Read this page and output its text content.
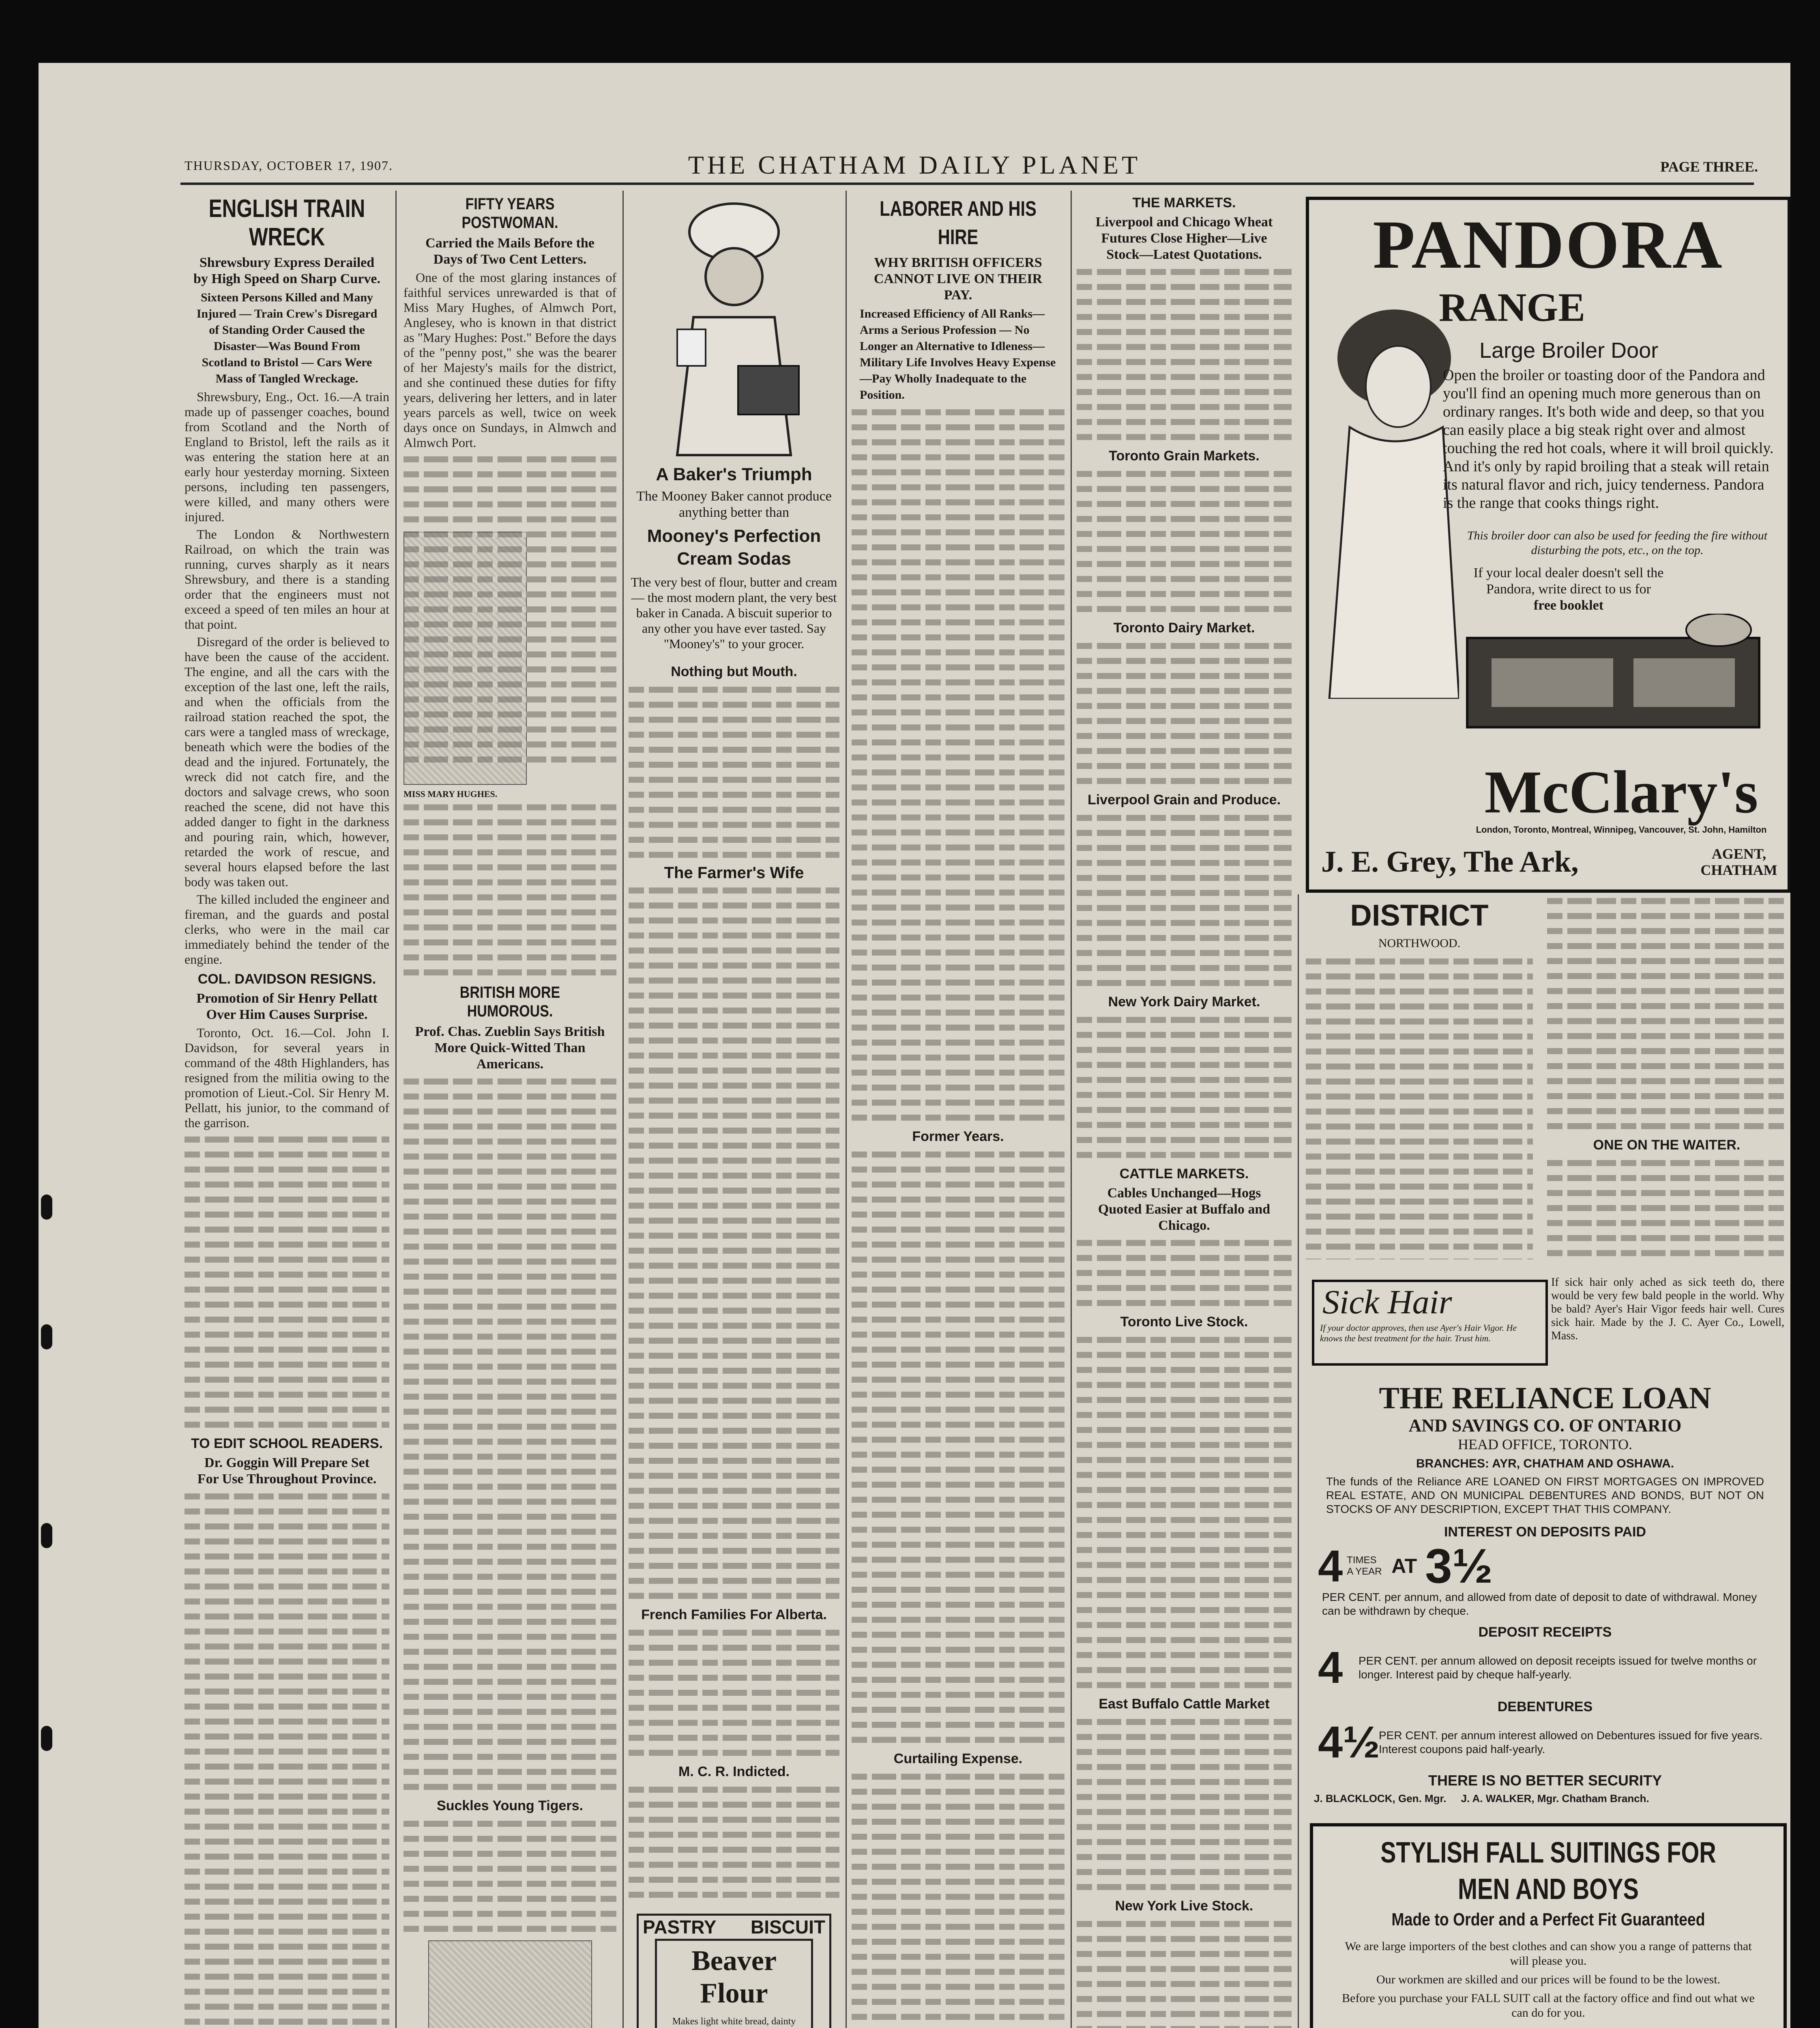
THURSDAY, OCTOBER 17, 1907.	THE CHATHAM DAILY PLANET	PAGE THREE.
ENGLISH TRAIN WRECK
Shrewsbury Express Derailed by High Speed on Sharp Curve.
Sixteen Persons Killed and Many Injured — Train Crew's Disregard of Standing Order Caused the Disaster—Was Bound From Scotland to Bristol — Cars Were Mass of Tangled Wreckage.

Shrewsbury, Eng., Oct. 16.—A train made up of passenger coaches, bound from Scotland and the North of England to Bristol, left the rails as it was entering the station here at an early hour yesterday morning. Sixteen persons, including ten passengers, were killed, and many others were injured.

The London & Northwestern Railroad, on which the train was running, curves sharply as it nears Shrewsbury, and there is a standing order that the engineers must not exceed a speed of ten miles an hour at that point.

Disregard of the order is believed to have been the cause of the accident. The engine, and all the cars with the exception of the last one, left the rails, and when the officials from the railroad station reached the spot, the cars were a tangled mass of wreckage, beneath which were the bodies of the dead and the injured. Fortunately, the wreck did not catch fire, and the doctors and salvage crews, who soon reached the scene, did not have this added danger to fight in the darkness and pouring rain, which, however, retarded the work of rescue, and several hours elapsed before the last body was taken out.

The killed included the engineer and fireman, and the guards and postal clerks, who were in the mail car immediately behind the tender of the engine.

COL. DAVIDSON RESIGNS.
Promotion of Sir Henry Pellatt Over Him Causes Surprise.

Toronto, Oct. 16.—Col. John I. Davidson, for several years in command of the 48th Highlanders, has resigned from the militia owing to the promotion of Lieut.-Col. Sir Henry M. Pellatt, his junior, to the command of the garrison.

TO EDIT SCHOOL READERS.
Dr. Goggin Will Prepare Set For Use Throughout Province.
FIFTY YEARS POSTWOMAN.
Carried the Mails Before the Days of Two Cent Letters.

One of the most glaring instances of faithful services unrewarded is that of Miss Mary Hughes, of Almwch Port, Anglesey, who is known in that district as "Mary Hughes: Post." Before the days of the "penny post," she was the bearer of her Majesty's mails for the district, and she continued these duties for fifty years, delivering her letters, and in later years parcels as well, twice on week days once on Sundays, in Almwch and Almwch Port.

MISS MARY HUGHES.
BRITISH MORE HUMOROUS.
Prof. Chas. Zueblin Says British More Quick-Witted Than Americans.
Suckles Young Tigers.
A Baker's Triumph
The Mooney Baker cannot produce anything better than
Mooney's Perfection Cream Sodas
The very best of flour, butter and cream — the most modern plant, the very best baker in Canada. A biscuit superior to any other you have ever tasted. Say "Mooney's" to your grocer.
Nothing but Mouth.
The Farmer's Wife
French Families For Alberta.
M. C. R. Indicted.
PASTRY BISCUIT
Beaver Flour
Makes light white bread, dainty
LABORER AND HIS HIRE
WHY BRITISH OFFICERS CANNOT LIVE ON THEIR PAY.
Increased Efficiency of All Ranks—Arms a Serious Profession — No Longer an Alternative to Idleness—Military Life Involves Heavy Expense—Pay Wholly Inadequate to the Position.
Former Years.
Curtailing Expense.
THE MARKETS.
Liverpool and Chicago Wheat Futures Close Higher—Live Stock—Latest Quotations.
Toronto Grain Markets.
Toronto Dairy Market.
Liverpool Grain and Produce.
New York Dairy Market.
CATTLE MARKETS.
Cables Unchanged—Hogs Quoted Easier at Buffalo and Chicago.
Toronto Live Stock.
East Buffalo Cattle Market
New York Live Stock.
PANDORA
RANGE
Large Broiler Door
Open the broiler or toasting door of the Pandora and you'll find an opening much more generous than on ordinary ranges. It's both wide and deep, so that you can easily place a big steak right over and almost touching the red hot coals, where it will broil quickly. And it's only by rapid broiling that a steak will retain its natural flavor and rich, juicy tenderness. Pandora is the range that cooks things right.
This broiler door can also be used for feeding the fire without disturbing the pots, etc., on the top.
If your local dealer doesn't sell the Pandora, write direct to us for
free booklet
McClary's
London, Toronto, Montreal, Winnipeg, Vancouver, St. John, Hamilton
J. E. Grey, The Ark,	AGENT, CHATHAM
DISTRICT
NORTHWOOD.
ONE ON THE WAITER.
Sick Hair
If your doctor approves, then use Ayer's Hair Vigor. He knows the best treatment for the hair. Trust him.
If sick hair only ached as sick teeth do, there would be very few bald people in the world. Why be bald? Ayer's Hair Vigor feeds hair well. Cures sick hair. Made by the J. C. Ayer Co., Lowell, Mass.
THE RELIANCE LOAN
AND SAVINGS CO. OF ONTARIO
HEAD OFFICE, TORONTO.
BRANCHES: AYR, CHATHAM AND OSHAWA.
The funds of the Reliance ARE LOANED ON FIRST MORTGAGES ON IMPROVED REAL ESTATE, AND ON MUNICIPAL DEBENTURES AND BONDS, BUT NOT ON STOCKS OF ANY DESCRIPTION, EXCEPT THAT THIS COMPANY.
INTEREST ON DEPOSITS PAID
4 TIMES A YEAR AT 3½
PER CENT. per annum, and allowed from date of deposit to date of withdrawal. Money can be withdrawn by cheque.
DEPOSIT RECEIPTS
4	PER CENT. per annum allowed on deposit receipts issued for twelve months or longer. Interest paid by cheque half-yearly.
DEBENTURES
4½
PER CENT. per annum interest allowed on Debentures issued for five years. Interest coupons paid half-yearly.
THERE IS NO BETTER SECURITY
J. BLACKLOCK, Gen. Mgr.     J. A. WALKER, Mgr. Chatham Branch.
STYLISH FALL SUITINGS FOR
MEN AND BOYS
Made to Order and a Perfect Fit Guaranteed
We are large importers of the best clothes and can show you a range of patterns that will please you.
Our workmen are skilled and our prices will be found to be the lowest.
Before you purchase your FALL SUIT call at the factory office and find out what we can do for you.
